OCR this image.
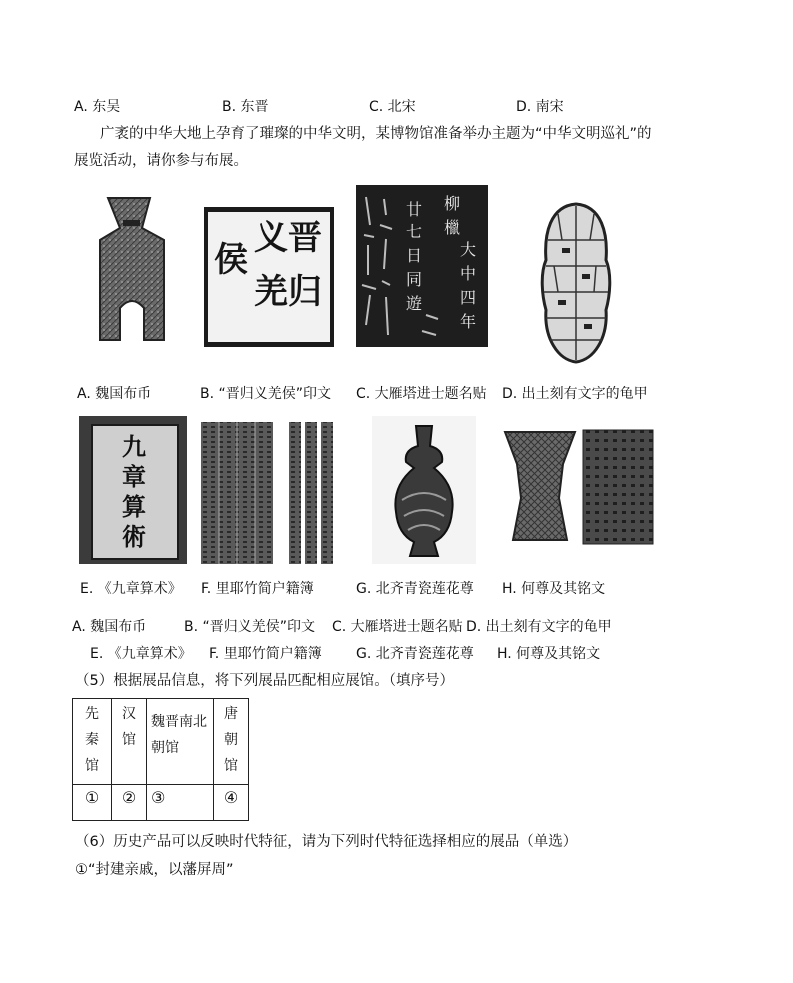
A. 东吴	B. 东晋	C. 北宋	D. 南宋
广袤的中华大地上孕育了璀璨的中华文明，某博物馆准备举办主题为“中华文明巡礼”的
展览活动，请你参与布展。
晋
归
义
羌
侯
柳
㯿
大
中
四
年
廿
七
日
同
遊
A. 魏国布币	B. “晋归义羌侯”印文 C. 大雁塔进士题名贴 D. 出土刻有文字的龟甲
九章算術
E. 《九章算术》 F. 里耶竹简户籍簿	G. 北齐青瓷莲花尊 H. 何尊及其铭文
A. 魏国布币	B. “晋归义羌侯”印文 C. 大雁塔进士题名贴 D. 出土刻有文字的龟甲
E. 《九章算术》 F. 里耶竹简户籍簿 G. 北齐青瓷莲花尊 H. 何尊及其铭文
（5）根据展品信息，将下列展品匹配相应展馆。（填序号）
先秦馆	汉馆	魏晋南北朝馆	唐朝馆
①	②	③	④
（6）历史产品可以反映时代特征，请为下列时代特征选择相应的展品（单选）
①“封建亲戚，以藩屏周”
